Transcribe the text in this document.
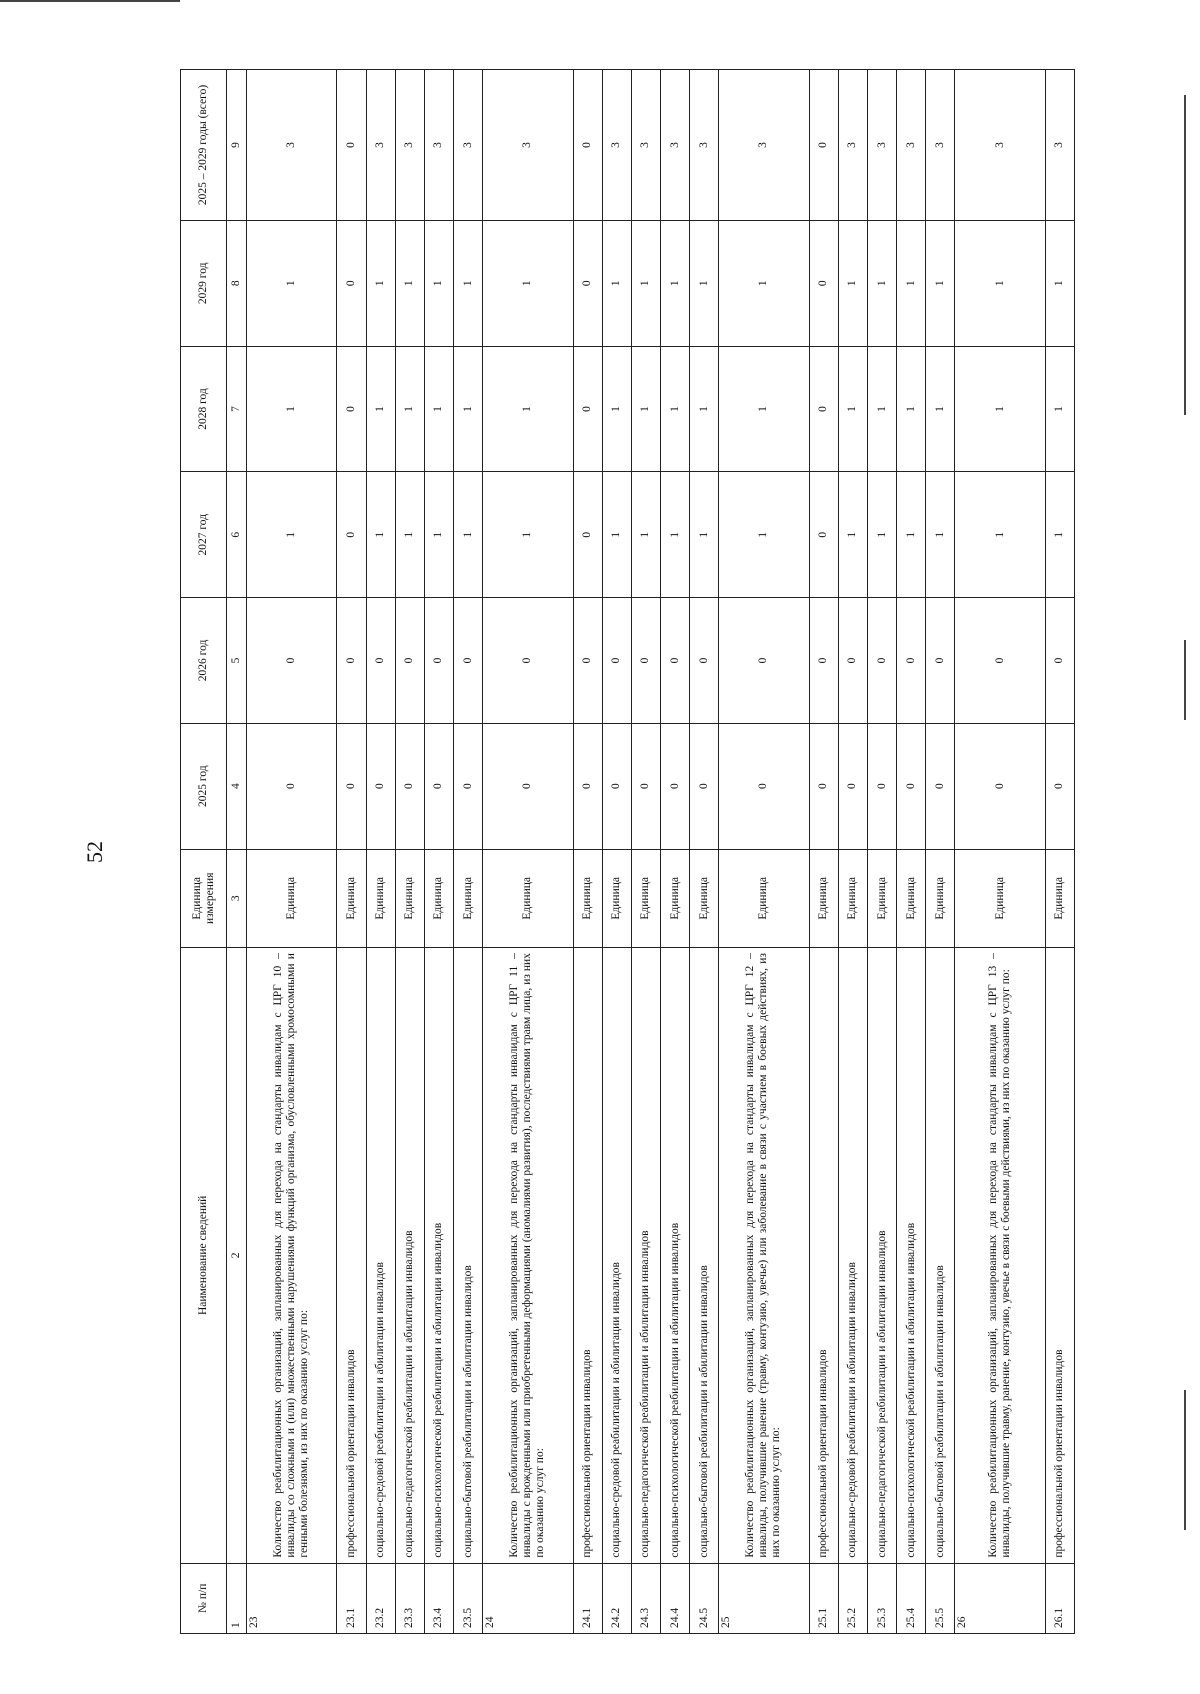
52
№ п/п	Наименование сведений	Единица измерения	2025 год	2026 год	2027 год	2028 год	2029 год	2025 – 2029 годы (всего)
1	2	3	4	5	6	7	8	9
23	Количество реабилитационных организаций, запланированных для перехода на стандарты инвалидам с ЦРГ 10 – инвалиды со сложными и (или) множественными нарушениями функций организма, обусловленными хромосомными и генными болезнями, из них по оказанию услуг по:	Единица	0	0	1	1	1	3
23.1	профессиональной ориентации инвалидов	Единица	0	0	0	0	0	0
23.2	социально-средовой реабилитации и абилитации инвалидов	Единица	0	0	1	1	1	3
23.3	социально-педагогической реабилитации и абилитации инвалидов	Единица	0	0	1	1	1	3
23.4	социально-психологической реабилитации и абилитации инвалидов	Единица	0	0	1	1	1	3
23.5	социально-бытовой реабилитации и абилитации инвалидов	Единица	0	0	1	1	1	3
24	Количество реабилитационных организаций, запланированных для перехода на стандарты инвалидам с ЦРГ 11 – инвалиды с врожденными или приобретенными деформациями (аномалиями развития), последствиями травм лица, из них по оказанию услуг по:	Единица	0	0	1	1	1	3
24.1	профессиональной ориентации инвалидов	Единица	0	0	0	0	0	0
24.2	социально-средовой реабилитации и абилитации инвалидов	Единица	0	0	1	1	1	3
24.3	социально-педагогической реабилитации и абилитации инвалидов	Единица	0	0	1	1	1	3
24.4	социально-психологической реабилитации и абилитации инвалидов	Единица	0	0	1	1	1	3
24.5	социально-бытовой реабилитации и абилитации инвалидов	Единица	0	0	1	1	1	3
25	Количество реабилитационных организаций, запланированных для перехода на стандарты инвалидам с ЦРГ 12 – инвалиды, получившие ранение (травму, контузию, увечье) или заболевание в связи с участием в боевых действиях, из них по оказанию услуг по:	Единица	0	0	1	1	1	3
25.1	профессиональной ориентации инвалидов	Единица	0	0	0	0	0	0
25.2	социально-средовой реабилитации и абилитации инвалидов	Единица	0	0	1	1	1	3
25.3	социально-педагогической реабилитации и абилитации инвалидов	Единица	0	0	1	1	1	3
25.4	социально-психологической реабилитации и абилитации инвалидов	Единица	0	0	1	1	1	3
25.5	социально-бытовой реабилитации и абилитации инвалидов	Единица	0	0	1	1	1	3
26	Количество реабилитационных организаций, запланированных для перехода на стандарты инвалидам с ЦРГ 13 – инвалиды, получившие травму, ранение, контузию, увечье в связи с боевыми действиями, из них по оказанию услуг по:	Единица	0	0	1	1	1	3
26.1	профессиональной ориентации инвалидов	Единица	0	0	1	1	1	3
